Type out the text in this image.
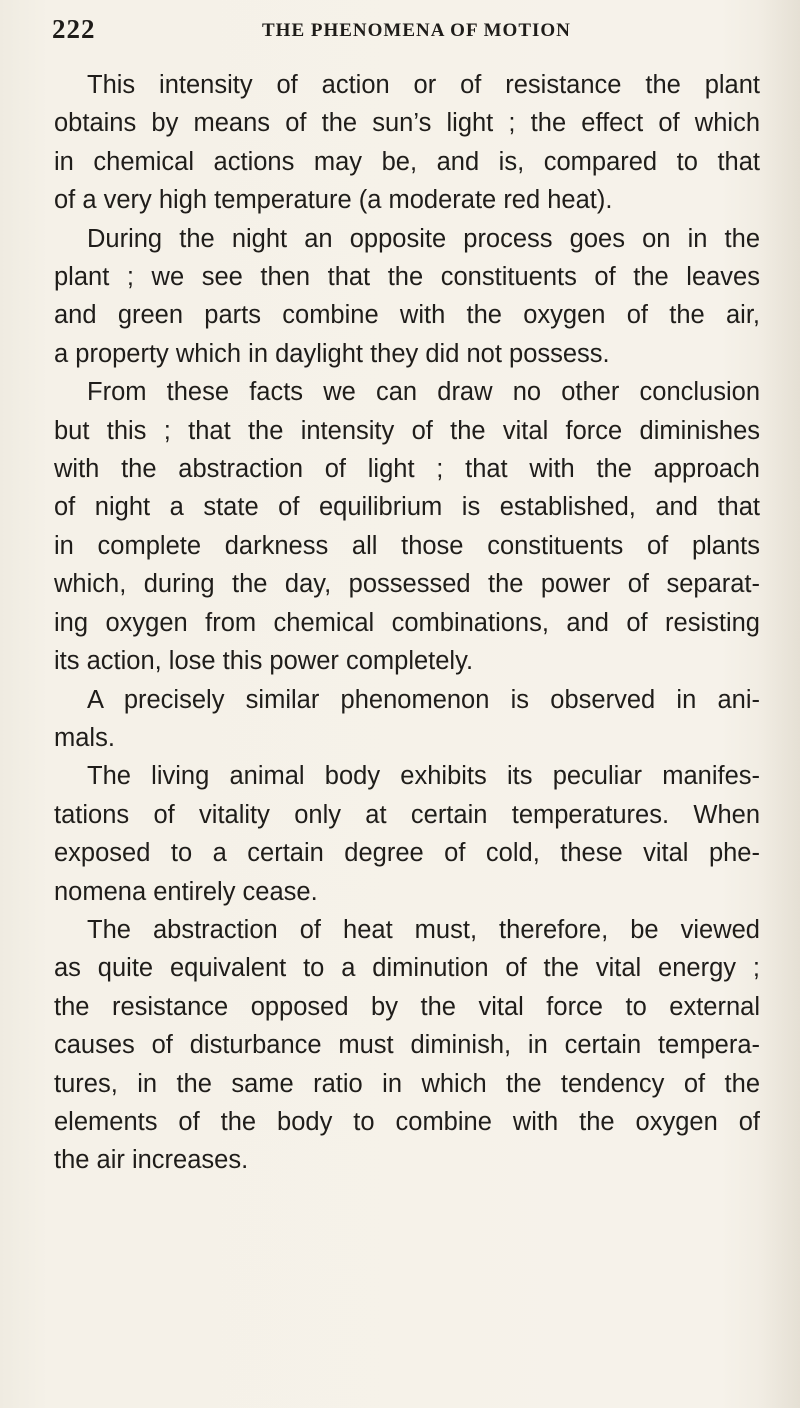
222	THE PHENOMENA OF MOTION
This intensity of action or of resistance the plant
obtains by means of the sun’s light ; the effect of which
in chemical actions may be, and is, compared to that
of a very high temperature (a moderate red heat).
During the night an opposite process goes on in the
plant ; we see then that the constituents of the leaves
and green parts combine with the oxygen of the air,
a property which in daylight they did not possess.
From these facts we can draw no other conclusion
but this ; that the intensity of the vital force diminishes
with the abstraction of light ; that with the approach
of night a state of equilibrium is established, and that
in complete darkness all those constituents of plants
which, during the day, possessed the power of separat-
ing oxygen from chemical combinations, and of resisting
its action, lose this power completely.
A precisely similar phenomenon is observed in ani-
mals.
The living animal body exhibits its peculiar manifes-
tations of vitality only at certain temperatures. When
exposed to a certain degree of cold, these vital phe-
nomena entirely cease.
The abstraction of heat must, therefore, be viewed
as quite equivalent to a diminution of the vital energy ;
the resistance opposed by the vital force to external
causes of disturbance must diminish, in certain tempera-
tures, in the same ratio in which the tendency of the
elements of the body to combine with the oxygen of
the air increases.
